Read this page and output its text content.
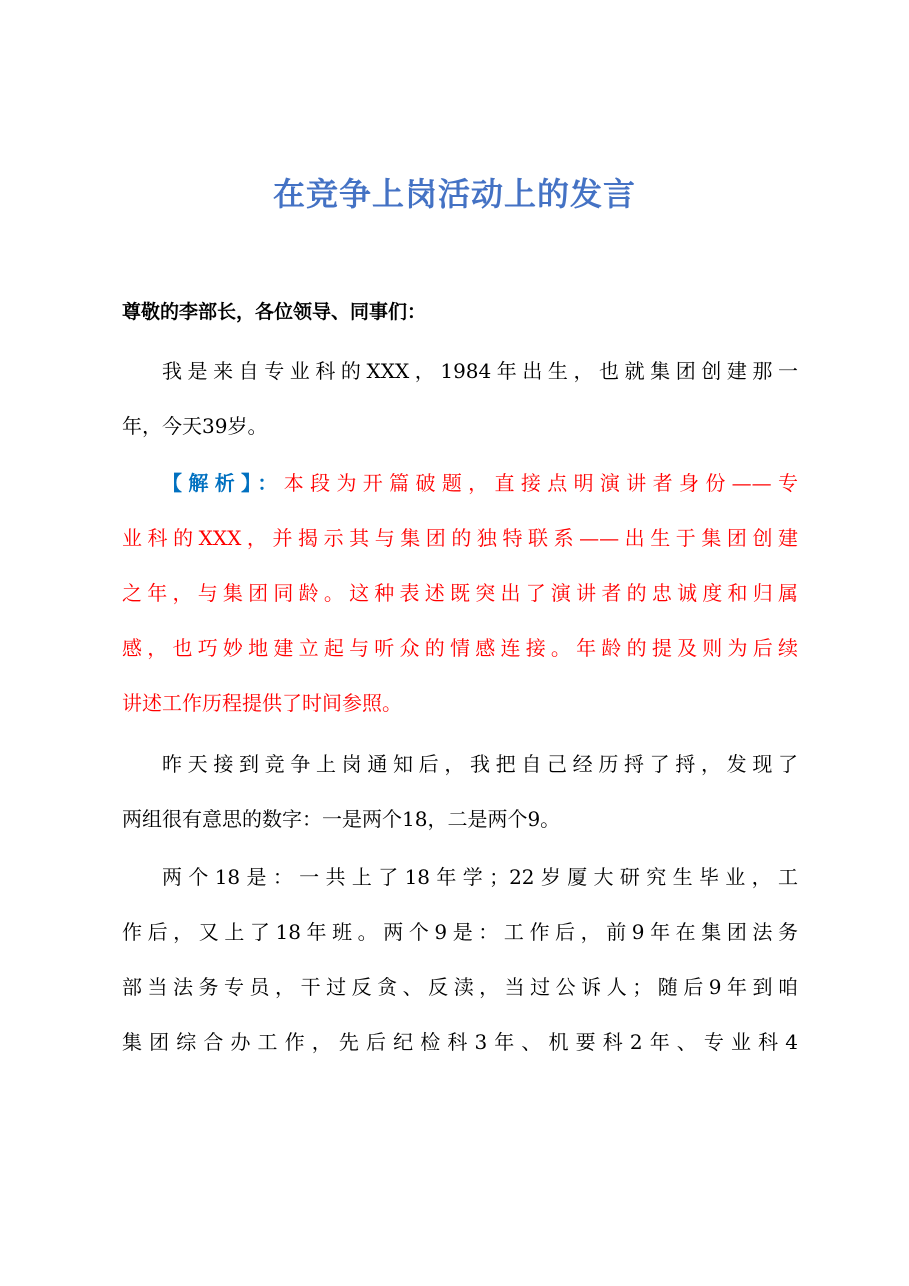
在竞争上岗活动上的发言
尊敬的李部长，各位领导、同事们：
我是来自专业科的XXX，1984年出生，也就集团创建那一
年，今天39岁。
【解析】：本段为开篇破题，直接点明演讲者身份——专
业科的XXX，并揭示其与集团的独特联系——出生于集团创建
之年，与集团同龄。这种表述既突出了演讲者的忠诚度和归属
感，也巧妙地建立起与听众的情感连接。年龄的提及则为后续
讲述工作历程提供了时间参照。
昨天接到竞争上岗通知后，我把自己经历捋了捋，发现了
两组很有意思的数字：一是两个18，二是两个9。
两个18是：一共上了18年学；22岁厦大研究生毕业，工
作后，又上了18年班。两个9是：工作后，前9年在集团法务
部当法务专员，干过反贪、反渎，当过公诉人；随后9年到咱
集团综合办工作，先后纪检科3年、机要科2年、专业科4
